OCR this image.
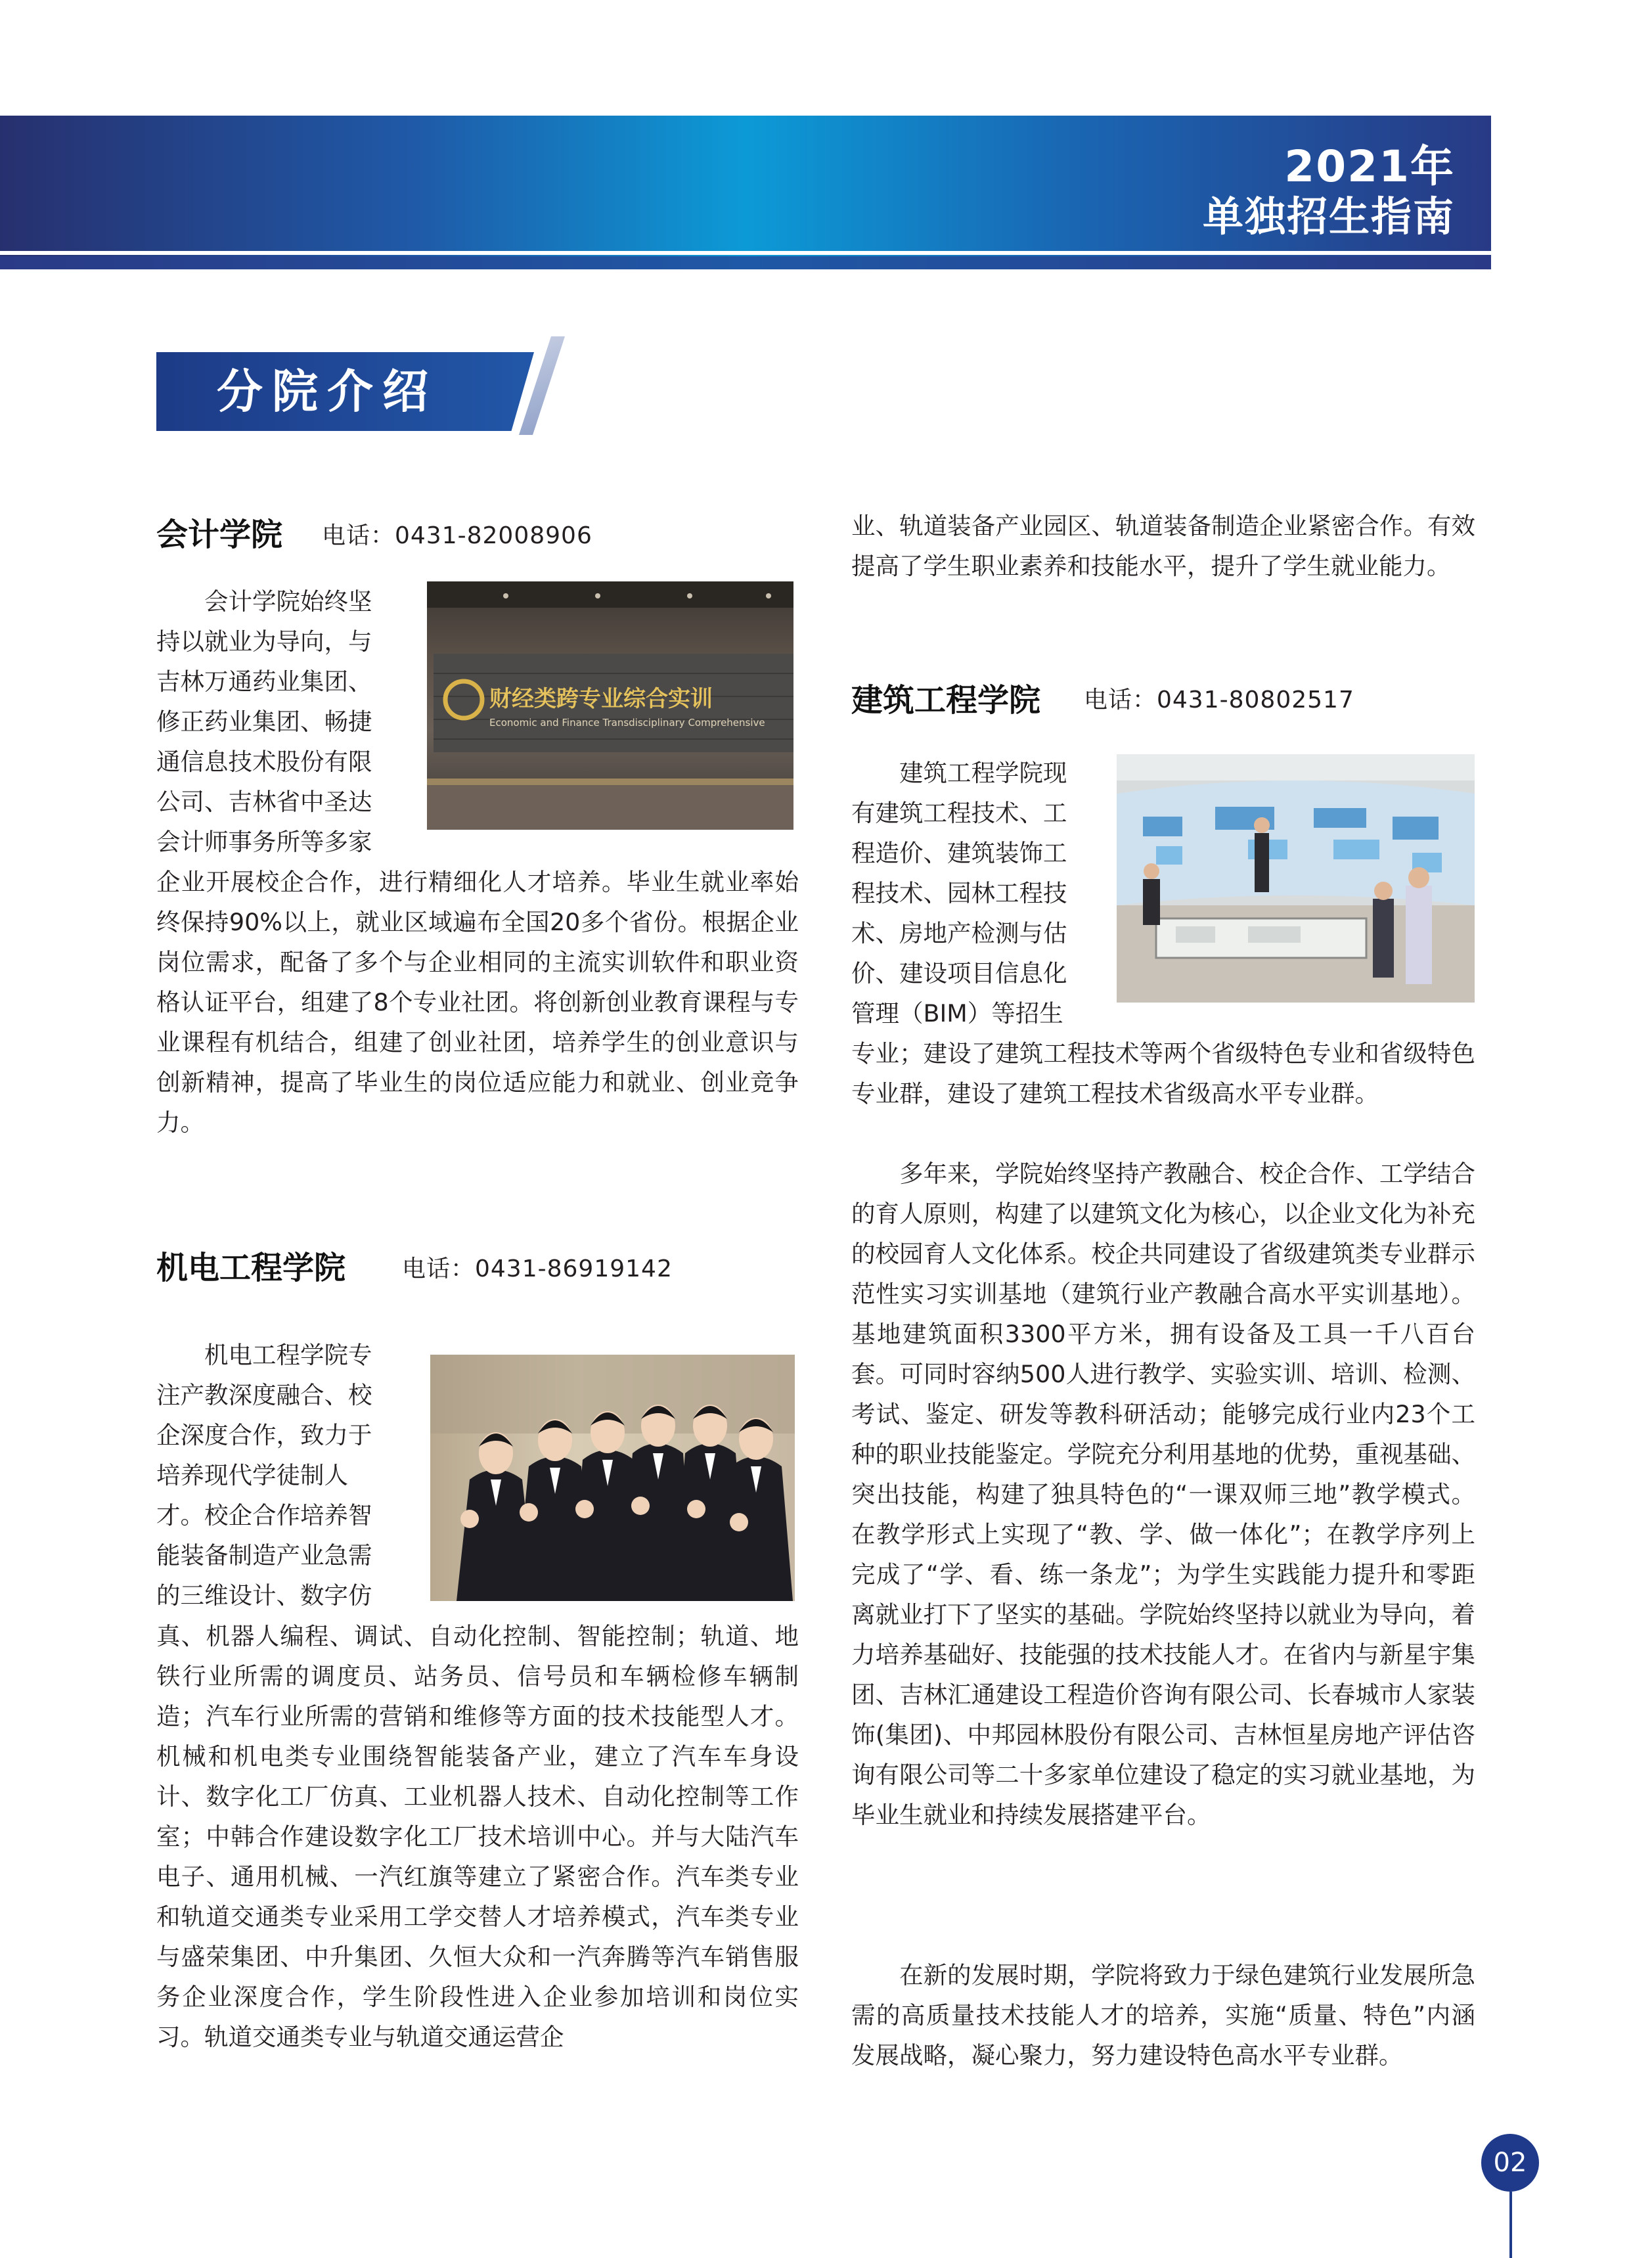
2021年
单独招生指南
分院介绍
会计学院 电话：0431-82008906
　　会计学院始终坚
持以就业为导向，与
吉林万通药业集团、
修正药业集团、畅捷
通信息技术股份有限
公司、吉林省中圣达
会计师事务所等多家
财经类跨专业综合实训
Economic and Finance Transdisciplinary Comprehensive

企业开展校企合作，进行精细化人才培养。毕业生就业率始终保持90%以上，就业区域遍布全国20多个省份。根据企业岗位需求，配备了多个与企业相同的主流实训软件和职业资格认证平台，组建了8个专业社团。将创新创业教育课程与专业课程有机结合，组建了创业社团，培养学生的创业意识与创新精神，提高了毕业生的岗位适应能力和就业、创业竞争力。

机电工程学院 电话：0431-86919142
　　机电工程学院专
注产教深度融合、校
企深度合作，致力于
培养现代学徒制人
才。校企合作培养智
能装备制造产业急需
的三维设计、数字仿

真、机器人编程、调试、自动化控制、智能控制；轨道、地铁行业所需的调度员、站务员、信号员和车辆检修车辆制造；汽车行业所需的营销和维修等方面的技术技能型人才。机械和机电类专业围绕智能装备产业，建立了汽车车身设计、数字化工厂仿真、工业机器人技术、自动化控制等工作室；中韩合作建设数字化工厂技术培训中心。并与大陆汽车电子、通用机械、一汽红旗等建立了紧密合作。汽车类专业和轨道交通类专业采用工学交替人才培养模式，汽车类专业与盛荣集团、中升集团、久恒大众和一汽奔腾等汽车销售服务企业深度合作，学生阶段性进入企业参加培训和岗位实习。轨道交通类专业与轨道交通运营企

业、轨道装备产业园区、轨道装备制造企业紧密合作。有效提高了学生职业素养和技能水平，提升了学生就业能力。

建筑工程学院 电话：0431-80802517
　　建筑工程学院现
有建筑工程技术、工
程造价、建筑装饰工
程技术、园林工程技
术、房地产检测与估
价、建设项目信息化
管理（BIM）等招生

专业；建设了建筑工程技术等两个省级特色专业和省级特色专业群，建设了建筑工程技术省级高水平专业群。

　　多年来，学院始终坚持产教融合、校企合作、工学结合的育人原则，构建了以建筑文化为核心，以企业文化为补充的校园育人文化体系。校企共同建设了省级建筑类专业群示范性实习实训基地（建筑行业产教融合高水平实训基地）。基地建筑面积3300平方米，拥有设备及工具一千八百台套。可同时容纳500人进行教学、实验实训、培训、检测、考试、鉴定、研发等教科研活动；能够完成行业内23个工种的职业技能鉴定。学院充分利用基地的优势，重视基础、突出技能，构建了独具特色的“一课双师三地”教学模式。在教学形式上实现了“教、学、做一体化”；在教学序列上完成了“学、看、练一条龙”；为学生实践能力提升和零距离就业打下了坚实的基础。学院始终坚持以就业为导向，着力培养基础好、技能强的技术技能人才。在省内与新星宇集团、吉林汇通建设工程造价咨询有限公司、长春城市人家装饰(集团)、中邦园林股份有限公司、吉林恒星房地产评估咨询有限公司等二十多家单位建设了稳定的实习就业基地，为毕业生就业和持续发展搭建平台。

　　在新的发展时期，学院将致力于绿色建筑行业发展所急需的高质量技术技能人才的培养，实施“质量、特色”内涵发展战略，凝心聚力，努力建设特色高水平专业群。

02
